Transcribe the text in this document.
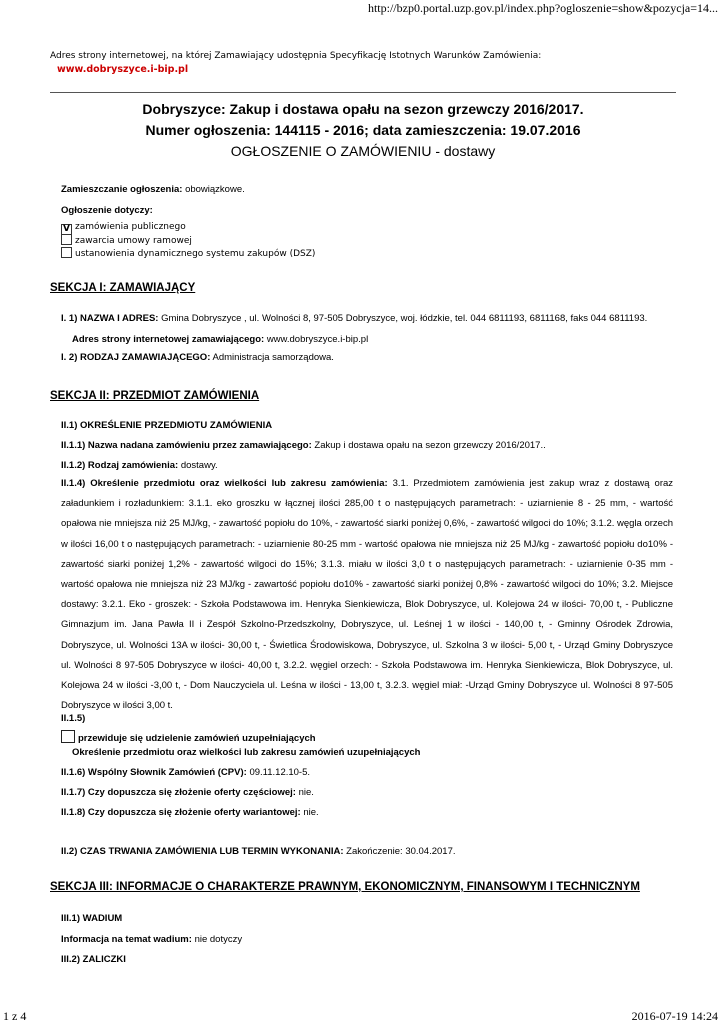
http://bzp0.portal.uzp.gov.pl/index.php?ogloszenie=show&pozycja=14...
1 z 4	2016-07-19 14:24
Adres strony internetowej, na której Zamawiający udostępnia Specyfikację Istotnych Warunków Zamówienia:
www.dobryszyce.i-bip.pl
Dobryszyce: Zakup i dostawa opału na sezon grzewczy 2016/2017.
Numer ogłoszenia: 144115 - 2016; data zamieszczenia: 19.07.2016
OGŁOSZENIE O ZAMÓWIENIU - dostawy
Zamieszczanie ogłoszenia: obowiązkowe.
Ogłoszenie dotyczy:
V zamówienia publicznego
zawarcia umowy ramowej
ustanowienia dynamicznego systemu zakupów (DSZ)
SEKCJA I: ZAMAWIAJĄCY
I. 1) NAZWA I ADRES: Gmina Dobryszyce , ul. Wolności 8, 97-505 Dobryszyce, woj. łódzkie, tel. 044 6811193, 6811168, faks 044 6811193.
Adres strony internetowej zamawiającego: www.dobryszyce.i-bip.pl
I. 2) RODZAJ ZAMAWIAJĄCEGO: Administracja samorządowa.
SEKCJA II: PRZEDMIOT ZAMÓWIENIA
II.1) OKREŚLENIE PRZEDMIOTU ZAMÓWIENIA
II.1.1) Nazwa nadana zamówieniu przez zamawiającego: Zakup i dostawa opału na sezon grzewczy 2016/2017..
II.1.2) Rodzaj zamówienia: dostawy.
II.1.4) Określenie przedmiotu oraz wielkości lub zakresu zamówienia: 3.1. Przedmiotem zamówienia jest zakup wraz z dostawą oraz załadunkiem i rozładunkiem: 3.1.1. eko groszku w łącznej ilości 285,00 t o następujących parametrach: - uziarnienie 8 - 25 mm, - wartość opałowa nie mniejsza niż 25 MJ/kg, - zawartość popiołu do 10%, - zawartość siarki poniżej 0,6%, - zawartość wilgoci do 10%; 3.1.2. węgla orzech w ilości 16,00 t o następujących parametrach: - uziarnienie 80-25 mm - wartość opałowa nie mniejsza niż 25 MJ/kg - zawartość popiołu do10% - zawartość siarki poniżej 1,2% - zawartość wilgoci do 15%; 3.1.3. miału w ilości 3,0 t o następujących parametrach: - uziarnienie 0-35 mm - wartość opałowa nie mniejsza niż 23 MJ/kg - zawartość popiołu do10% - zawartość siarki poniżej 0,8% - zawartość wilgoci do 10%; 3.2. Miejsce dostawy: 3.2.1. Eko - groszek: - Szkoła Podstawowa im. Henryka Sienkiewicza, Blok Dobryszyce, ul. Kolejowa 24 w ilości- 70,00 t, - Publiczne Gimnazjum im. Jana Pawła II i Zespół Szkolno-Przedszkolny, Dobryszyce, ul. Leśnej 1 w ilości - 140,00 t, - Gminny Ośrodek Zdrowia, Dobryszyce, ul. Wolności 13A w ilości- 30,00 t, - Świetlica Środowiskowa, Dobryszyce, ul. Szkolna 3 w ilości- 5,00 t, - Urząd Gminy Dobryszyce ul. Wolności 8 97-505 Dobryszyce w ilości- 40,00 t, 3.2.2. węgiel orzech: - Szkoła Podstawowa im. Henryka Sienkiewicza, Blok Dobryszyce, ul. Kolejowa 24 w ilości -3,00 t, - Dom Nauczyciela ul. Leśna w ilości - 13,00 t, 3.2.3. węgiel miał: -Urząd Gminy Dobryszyce ul. Wolności 8 97-505 Dobryszyce w ilości 3,00 t.
II.1.5)
przewiduje się udzielenie zamówień uzupełniających
Określenie przedmiotu oraz wielkości lub zakresu zamówień uzupełniających
II.1.6) Wspólny Słownik Zamówień (CPV): 09.11.12.10-5.
II.1.7) Czy dopuszcza się złożenie oferty częściowej: nie.
II.1.8) Czy dopuszcza się złożenie oferty wariantowej: nie.
II.2) CZAS TRWANIA ZAMÓWIENIA LUB TERMIN WYKONANIA: Zakończenie: 30.04.2017.
SEKCJA III: INFORMACJE O CHARAKTERZE PRAWNYM, EKONOMICZNYM, FINANSOWYM I TECHNICZNYM
III.1) WADIUM
Informacja na temat wadium: nie dotyczy
III.2) ZALICZKI
